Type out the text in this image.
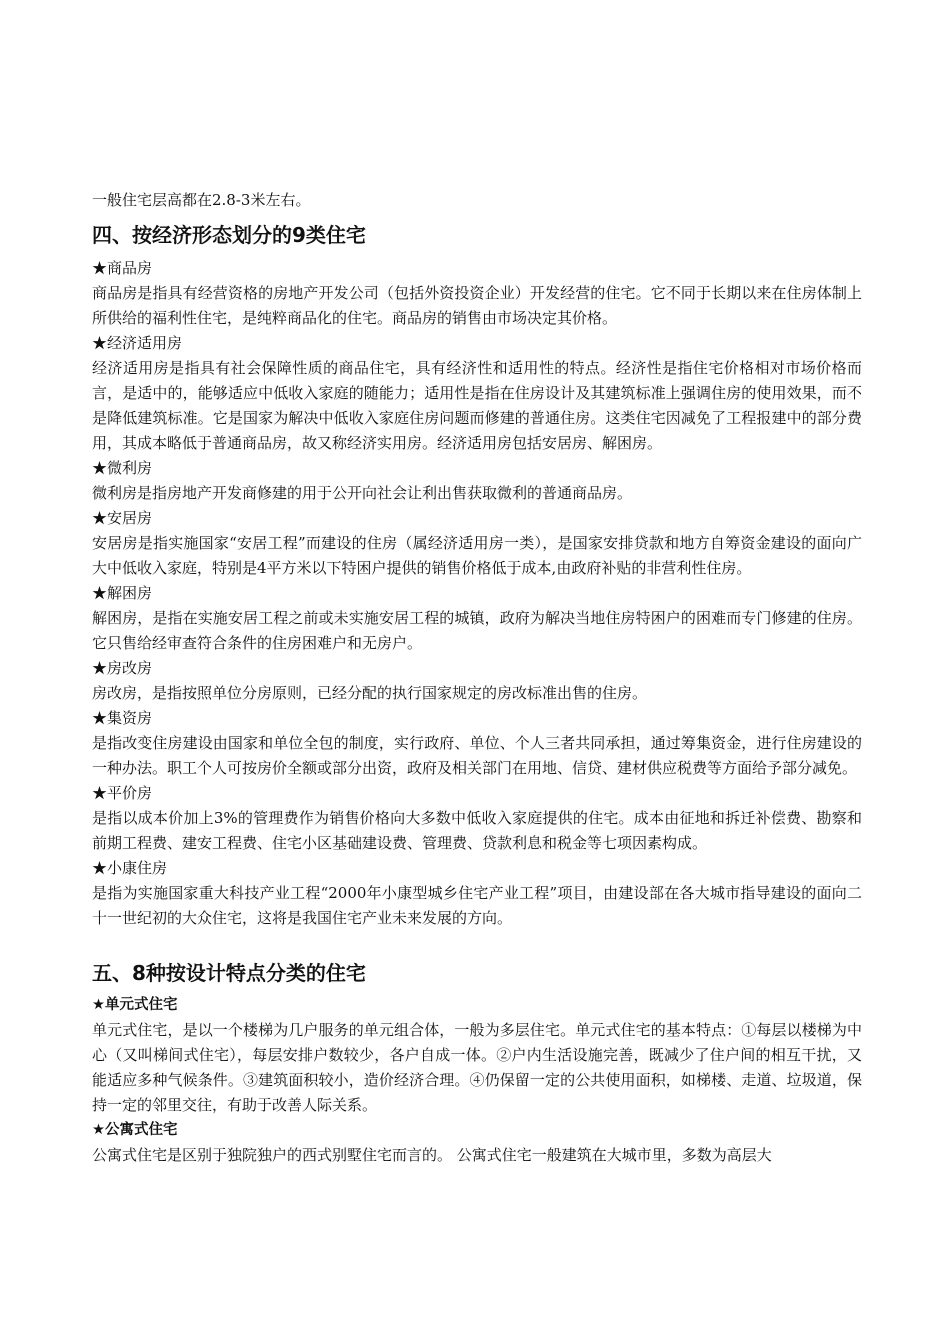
一般住宅层高都在2.8-3米左右。

四、按经济形态划分的9类住宅
★商品房
商品房是指具有经营资格的房地产开发公司（包括外资投资企业）开发经营的住宅。它不同于长期以来在住房体制上所供给的福利性住宅，是纯粹商品化的住宅。商品房的销售由市场决定其价格。
★经济适用房
经济适用房是指具有社会保障性质的商品住宅，具有经济性和适用性的特点。经济性是指住宅价格相对市场价格而言，是适中的，能够适应中低收入家庭的随能力；适用性是指在住房设计及其建筑标准上强调住房的使用效果，而不是降低建筑标准。它是国家为解决中低收入家庭住房问题而修建的普通住房。这类住宅因减免了工程报建中的部分费用，其成本略低于普通商品房，故又称经济实用房。经济适用房包括安居房、解困房。
★微利房
微利房是指房地产开发商修建的用于公开向社会让利出售获取微利的普通商品房。
★安居房
安居房是指实施国家“安居工程”而建设的住房（属经济适用房一类），是国家安排贷款和地方自筹资金建设的面向广大中低收入家庭，特别是4平方米以下特困户提供的销售价格低于成本,由政府补贴的非营利性住房。
★解困房
解困房，是指在实施安居工程之前或未实施安居工程的城镇，政府为解决当地住房特困户的困难而专门修建的住房。它只售给经审查符合条件的住房困难户和无房户。
★房改房
房改房，是指按照单位分房原则，已经分配的执行国家规定的房改标准出售的住房。
★集资房
是指改变住房建设由国家和单位全包的制度，实行政府、单位、个人三者共同承担，通过筹集资金，进行住房建设的一种办法。职工个人可按房价全额或部分出资，政府及相关部门在用地、信贷、建材供应税费等方面给予部分减免。
★平价房
是指以成本价加上3%的管理费作为销售价格向大多数中低收入家庭提供的住宅。成本由征地和拆迁补偿费、勘察和前期工程费、建安工程费、住宅小区基础建设费、管理费、贷款利息和税金等七项因素构成。
★小康住房
是指为实施国家重大科技产业工程“2000年小康型城乡住宅产业工程”项目，由建设部在各大城市指导建设的面向二十一世纪初的大众住宅，这将是我国住宅产业未来发展的方向。
五、8种按设计特点分类的住宅
★单元式住宅
单元式住宅，是以一个楼梯为几户服务的单元组合体，一般为多层住宅。单元式住宅的基本特点：①每层以楼梯为中心（又叫梯间式住宅），每层安排户数较少，各户自成一体。②户内生活设施完善，既减少了住户间的相互干扰，又能适应多种气候条件。③建筑面积较小，造价经济合理。④仍保留一定的公共使用面积，如梯楼、走道、垃圾道，保持一定的邻里交往，有助于改善人际关系。
★公寓式住宅
公寓式住宅是区别于独院独户的西式别墅住宅而言的。 公寓式住宅一般建筑在大城市里，多数为高层大
